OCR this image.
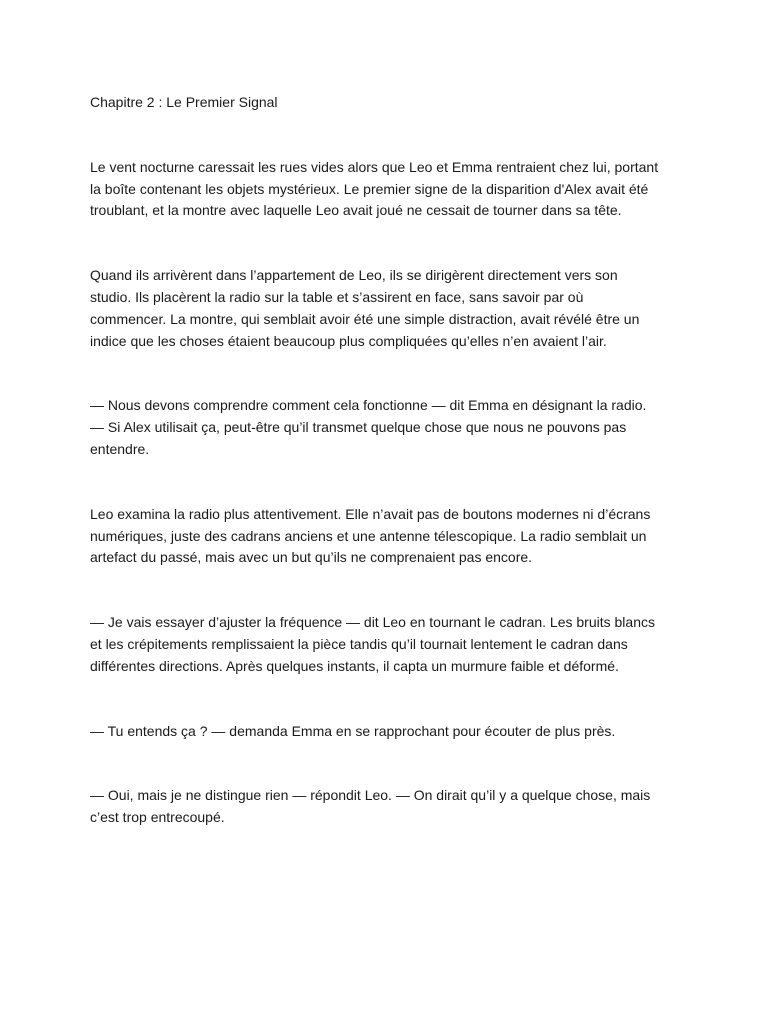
Chapitre 2 : Le Premier Signal

Le vent nocturne caressait les rues vides alors que Leo et Emma rentraient chez lui, portant
la boîte contenant les objets mystérieux. Le premier signe de la disparition d'Alex avait été
troublant, et la montre avec laquelle Leo avait joué ne cessait de tourner dans sa tête.

Quand ils arrivèrent dans l’appartement de Leo, ils se dirigèrent directement vers son
studio. Ils placèrent la radio sur la table et s’assirent en face, sans savoir par où
commencer. La montre, qui semblait avoir été une simple distraction, avait révélé être un
indice que les choses étaient beaucoup plus compliquées qu’elles n’en avaient l’air.

— Nous devons comprendre comment cela fonctionne — dit Emma en désignant la radio.
— Si Alex utilisait ça, peut-être qu’il transmet quelque chose que nous ne pouvons pas
entendre.

Leo examina la radio plus attentivement. Elle n’avait pas de boutons modernes ni d’écrans
numériques, juste des cadrans anciens et une antenne télescopique. La radio semblait un
artefact du passé, mais avec un but qu’ils ne comprenaient pas encore.

— Je vais essayer d’ajuster la fréquence — dit Leo en tournant le cadran. Les bruits blancs
et les crépitements remplissaient la pièce tandis qu’il tournait lentement le cadran dans
différentes directions. Après quelques instants, il capta un murmure faible et déformé.

— Tu entends ça ? — demanda Emma en se rapprochant pour écouter de plus près.

— Oui, mais je ne distingue rien — répondit Leo. — On dirait qu’il y a quelque chose, mais
c’est trop entrecoupé.
